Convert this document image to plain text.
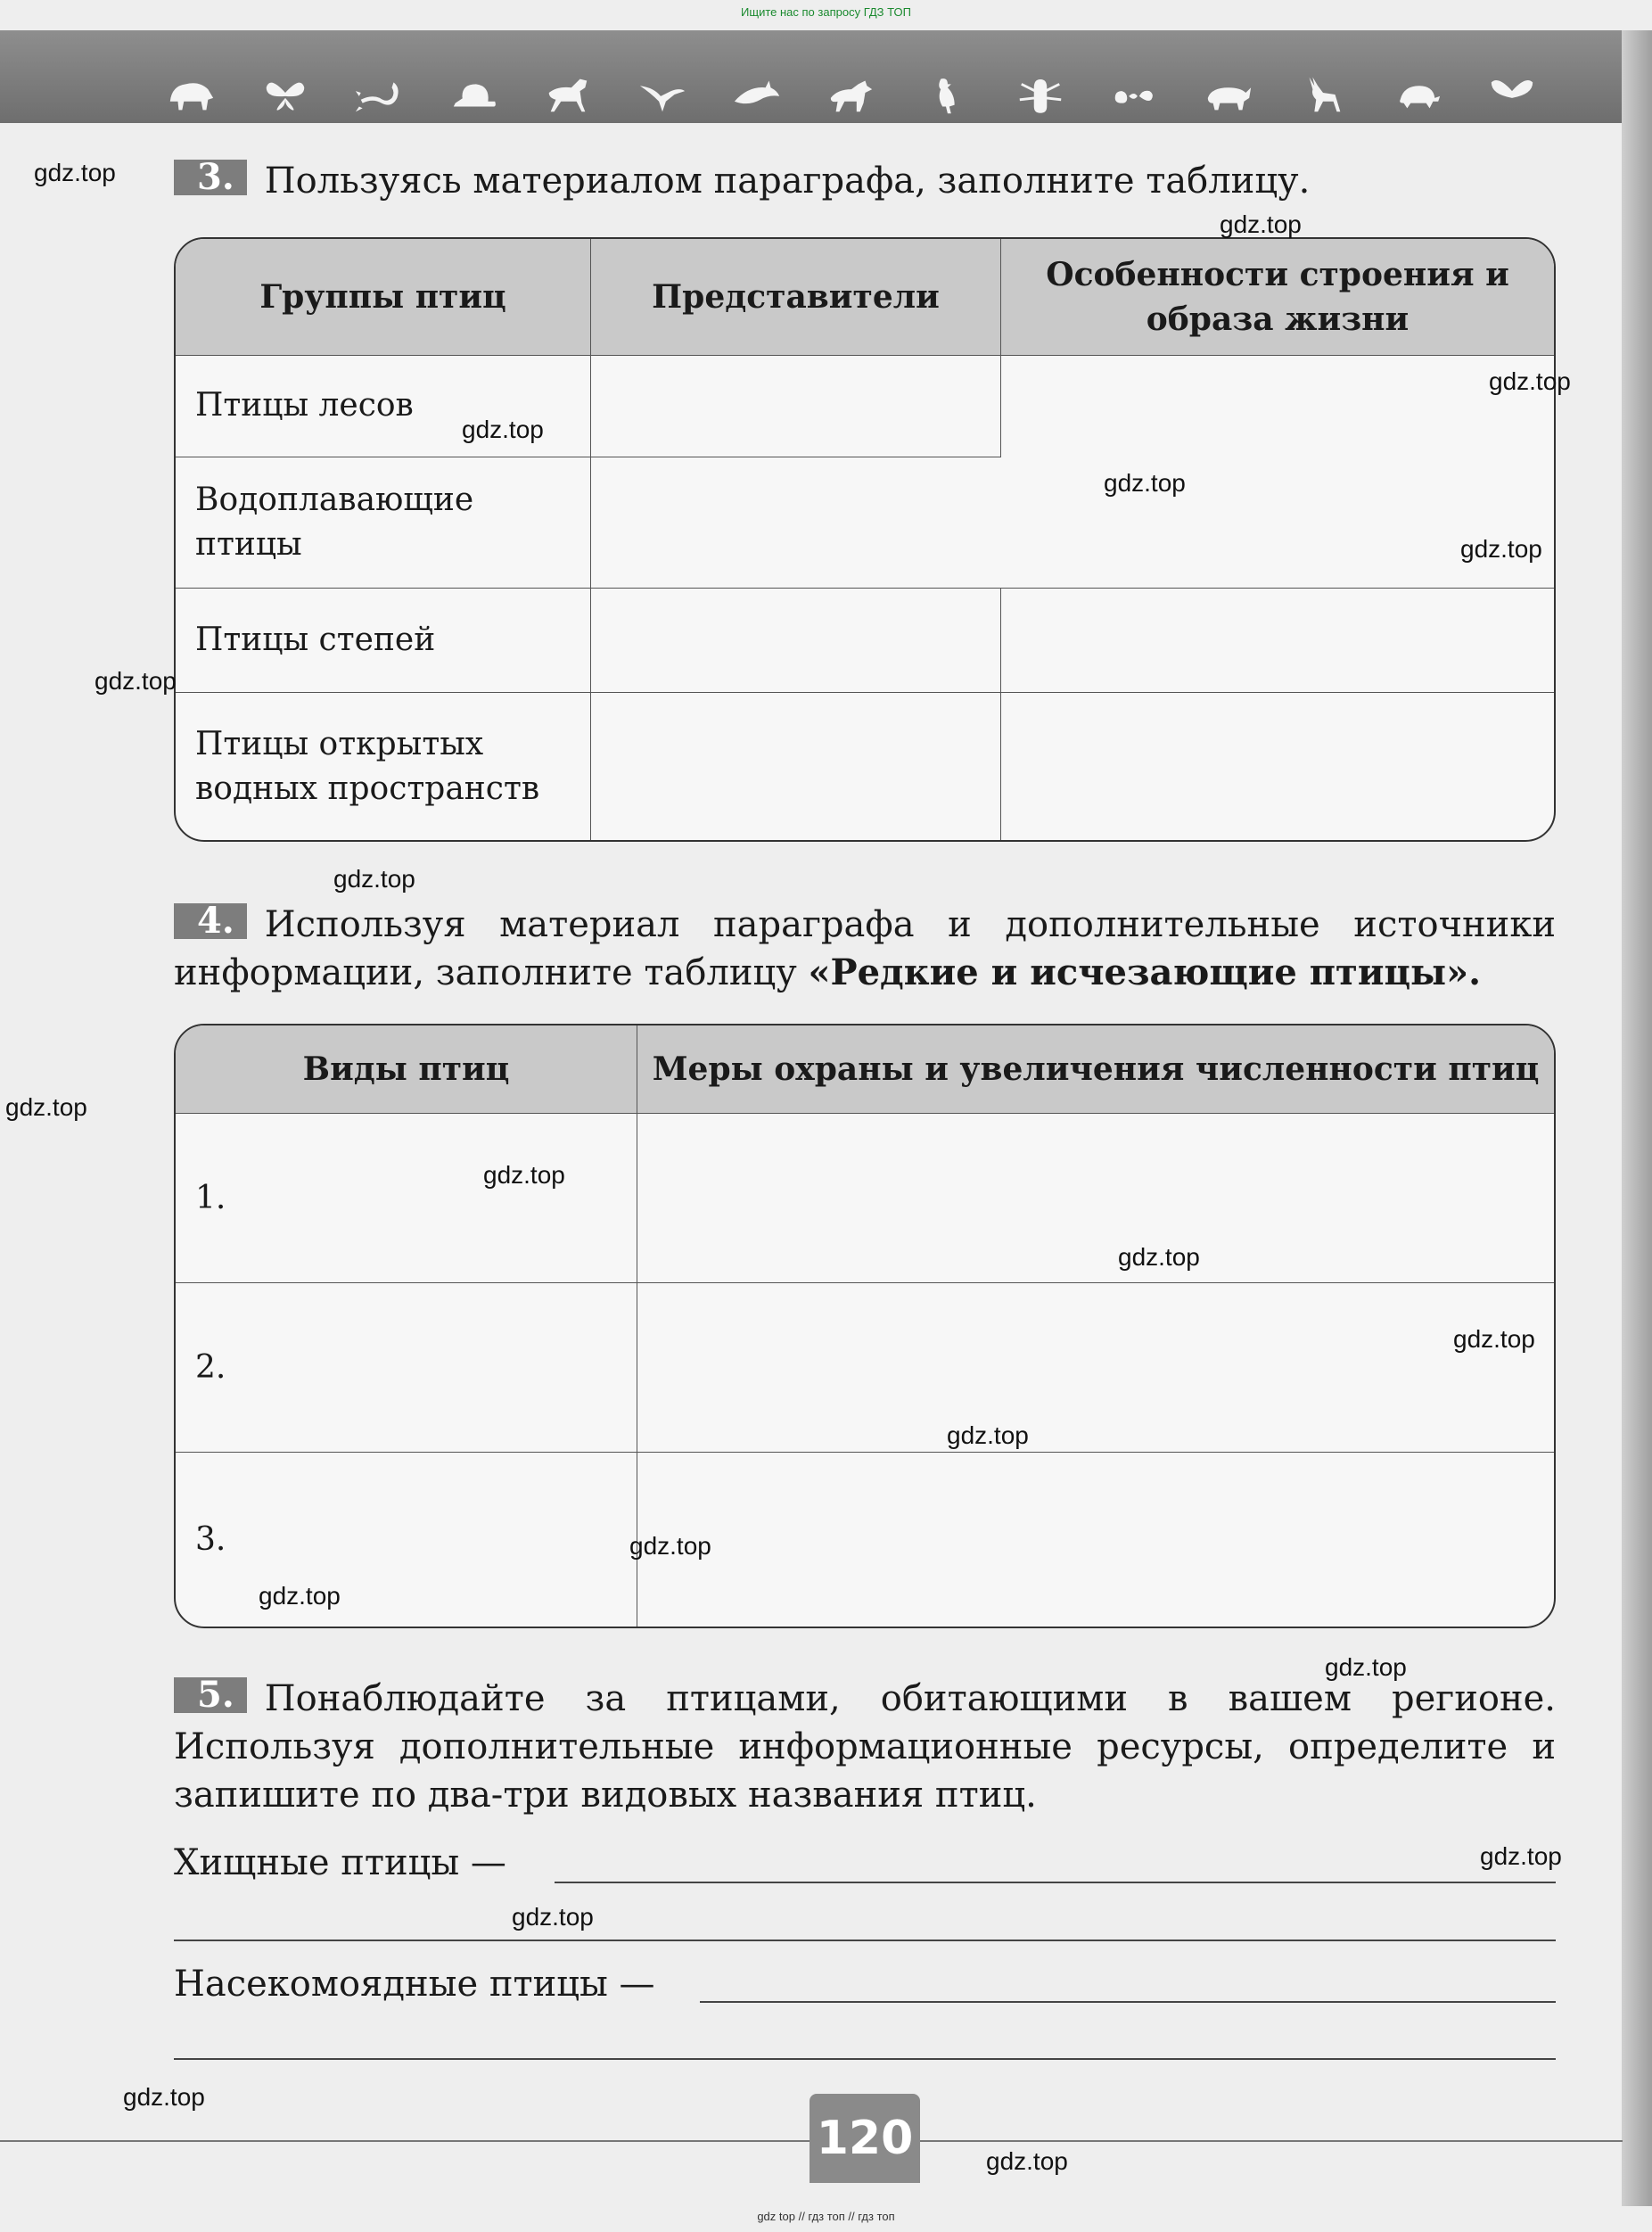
Ищите нас по запросу ГДЗ ТОП
3. Пользуясь материалом параграфа, заполните таблицу.
Группы птиц	Представители	Особенности строения и образа жизни
Птицы лесов		
Водоплавающие птицы		
Птицы степей		
Птицы открытых водных пространств		
4. Используя материал параграфа и дополнительные источники информации, заполните таблицу «Редкие и исчезающие птицы».
Виды птиц	Меры охраны и увеличения численности птиц
1.	
2.	
3.	
5. Понаблюдайте за птицами, обитающими в вашем регионе. Используя дополнительные информационные ресурсы, определите и запишите по два-три видовых названия птиц.
Хищные птицы —
Насекомоядные птицы —
gdz.top
gdz.top
gdz.top
gdz.top
gdz.top
gdz.top
gdz.top
gdz.top
gdz.top
gdz.top
gdz.top
gdz.top
gdz.top
gdz.top
gdz.top
gdz.top
gdz.top
gdz.top
gdz.top
120	gdz.top
gdz top // гдз топ // гдз топ
